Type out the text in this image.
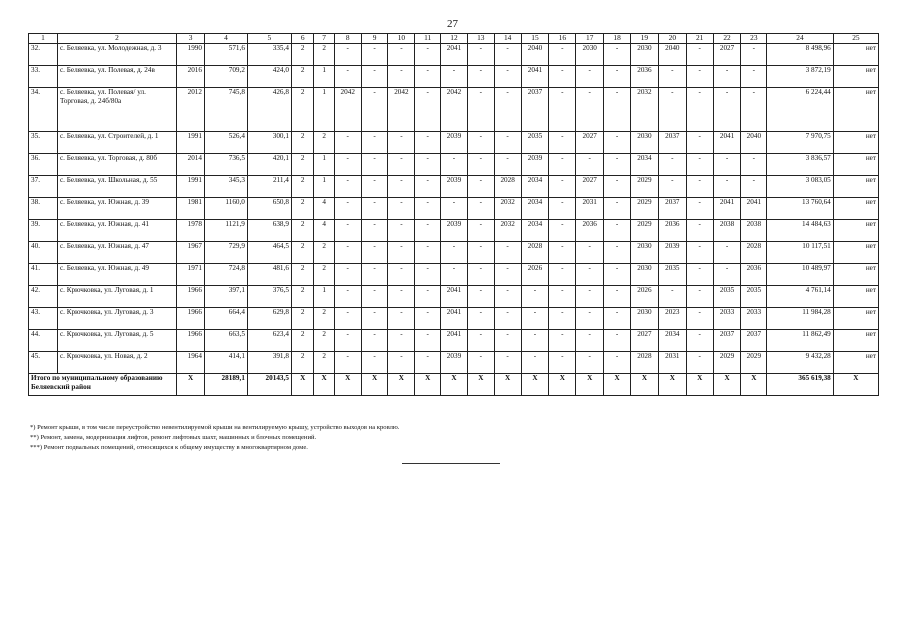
27
1	2	3	4	5	6	7	8	9	10	11	12	13	14	15	16	17	18	19	20	21	22	23	24	25
32.	с. Беляевка, ул. Молодежная, д. 3	1990	571,6	335,4	2	2	-	-	-	-	2041	-	-	2040	-	2030	-	2030	2040	-	2027	-	8 498,96	нет
33.	с. Беляевка, ул. Полевая, д. 24в	2016	709,2	424,0	2	1	-	-	-	-	-	-	-	2041	-	-	-	2036	-	-	-	-	3 872,19	нет
34.	с. Беляевка, ул. Полевая/ ул. Торговая, д. 24б/80а	2012	745,8	426,8	2	1	2042	-	2042	-	2042	-	-	2037	-	-	-	2032	-	-	-	-	6 224,44	нет
35.	с. Беляевка, ул. Строителей, д. 1	1991	526,4	300,1	2	2	-	-	-	-	2039	-	-	2035	-	2027	-	2030	2037	-	2041	2040	7 970,75	нет
36.	с. Беляевка, ул. Торговая, д. 80б	2014	736,5	420,1	2	1	-	-	-	-	-	-	-	2039	-	-	-	2034	-	-	-	-	3 836,57	нет
37.	с. Беляевка, ул. Школьная, д. 55	1991	345,3	211,4	2	1	-	-	-	-	2039	-	2028	2034	-	2027	-	2029	-	-	-	-	3 083,05	нет
38.	с. Беляевка, ул. Южная, д. 39	1981	1160,0	650,8	2	4	-	-	-	-	-	-	2032	2034	-	2031	-	2029	2037	-	2041	2041	13 760,64	нет
39.	с. Беляевка, ул. Южная, д. 41	1978	1121,9	638,9	2	4	-	-	-	-	2039	-	2032	2034	-	2036	-	2029	2036	-	2038	2038	14 484,63	нет
40.	с. Беляевка, ул. Южная, д. 47	1967	729,9	464,5	2	2	-	-	-	-	-	-	-	2028	-	-	-	2030	2039	-	-	2028	10 117,51	нет
41.	с. Беляевка, ул. Южная, д. 49	1971	724,8	481,6	2	2	-	-	-	-	-	-	-	2026	-	-	-	2030	2035	-	-	2036	10 489,97	нет
42.	с. Крючковка, ул. Луговая, д. 1	1966	397,1	376,5	2	1	-	-	-	-	2041	-	-	-	-	-	-	2026	-	-	2035	2035	4 761,14	нет
43.	с. Крючковка, ул. Луговая, д. 3	1966	664,4	629,8	2	2	-	-	-	-	2041	-	-	-	-	-	-	2030	2023	-	2033	2033	11 984,28	нет
44.	с. Крючковка, ул. Луговая, д. 5	1966	663,5	623,4	2	2	-	-	-	-	2041	-	-	-	-	-	-	2027	2034	-	2037	2037	11 862,49	нет
45.	с. Крючковка, ул. Новая, д. 2	1964	414,1	391,8	2	2	-	-	-	-	2039	-	-	-	-	-	-	2028	2031	-	2029	2029	9 432,28	нет
Итого по муниципальному образованию Беляевский район		X	28189,1	20143,5	X	X	X	X	X	X	X	X	X	X	X	X	X	X	X	X	X	X	365 619,38	X
*) Ремонт крыши, в том числе переустройство невентилируемой крыши на вентилируемую крышу, устройство выходов на кровлю.
**) Ремонт, замена, модернизация лифтов, ремонт лифтовых шахт, машинных и блочных помещений.
***) Ремонт подвальных помещений, относящихся к общему имуществу в многоквартирном доме.
